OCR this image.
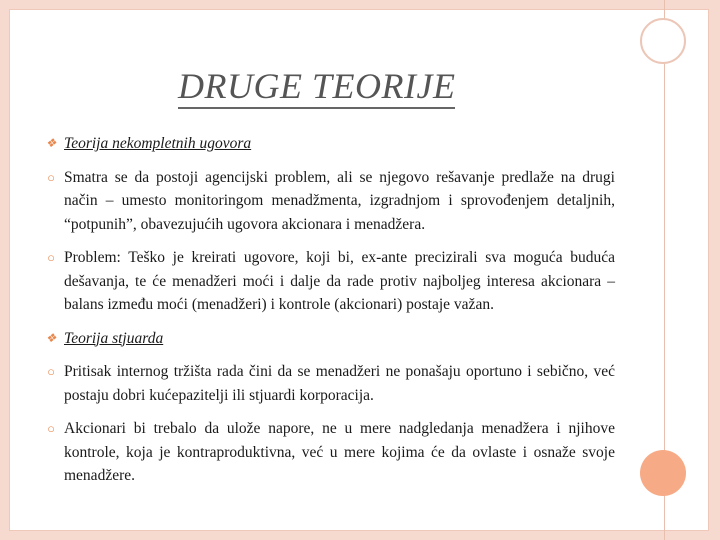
DRUGE TEORIJE
❖ Teorija nekompletnih ugovora
○ Smatra se da postoji agencijski problem, ali se njegovo rešavanje predlaže na drugi način – umesto monitoringom menadžmenta, izgradnjom i sprovođenjem detaljnih, “potpunih”, obavezujućih ugovora akcionara i menadžera.
○ Problem: Teško je kreirati ugovore, koji bi, ex-ante precizirali sva moguća buduća dešavanja, te će menadžeri moći i dalje da rade protiv najboljeg interesa akcionara – balans između moći (menadžeri) i kontrole (akcionari) postaje važan.
❖ Teorija stjuarda
○ Pritisak internog tržišta rada čini da se menadžeri ne ponašaju oportuno i sebično, već postaju dobri kućepazitelji ili stjuardi korporacija.
○ Akcionari bi trebalo da ulože napore, ne u mere nadgledanja menadžera i njihove kontrole, koja je kontraproduktivna, već u mere kojima će da ovlaste i osnaže svoje menadžere.
